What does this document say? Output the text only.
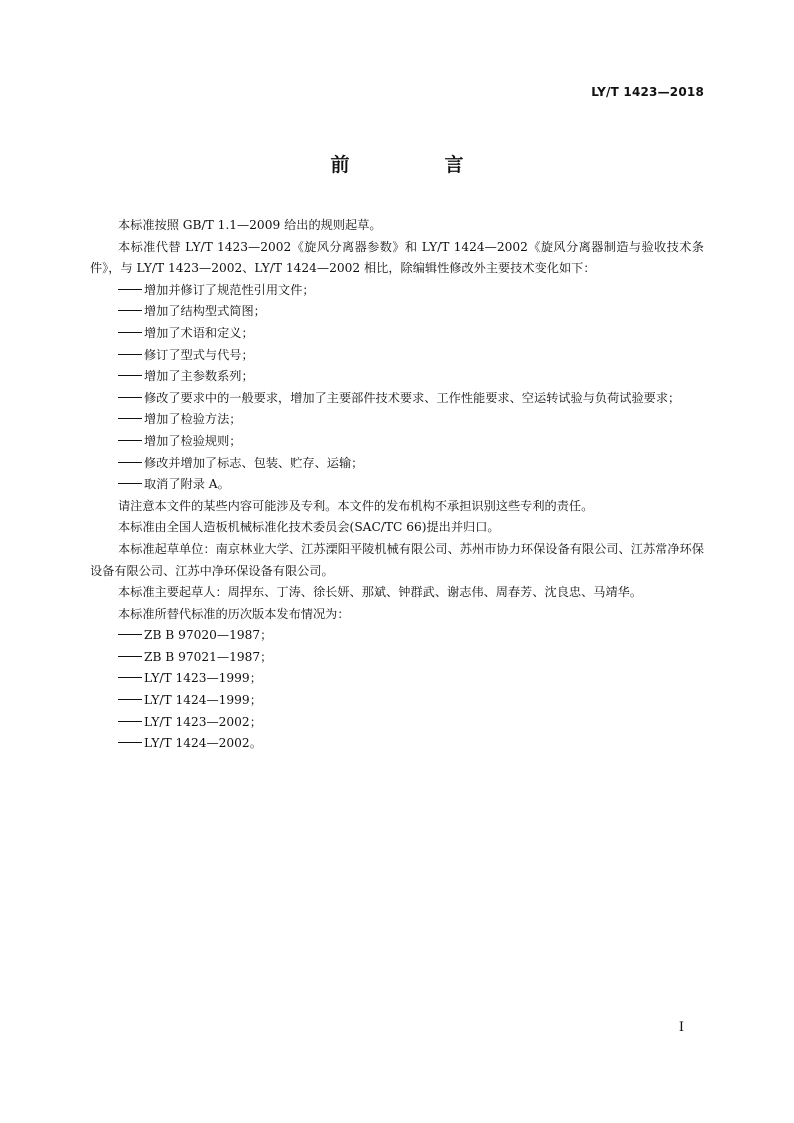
LY/T 1423—2018
前　言

本标准按照 GB/T 1.1—2009 给出的规则起草。

本标准代替 LY/T 1423—2002《旋风分离器参数》和 LY/T 1424—2002《旋风分离器制造与验收技术条件》，与 LY/T 1423—2002、LY/T 1424—2002 相比，除编辑性修改外主要技术变化如下：

增加并修订了规范性引用文件；
增加了结构型式简图；
增加了术语和定义；
修订了型式与代号；
增加了主参数系列；
修改了要求中的一般要求，增加了主要部件技术要求、工作性能要求、空运转试验与负荷试验要求；
增加了检验方法；
增加了检验规则；
修改并增加了标志、包装、贮存、运输；
取消了附录 A。

请注意本文件的某些内容可能涉及专利。本文件的发布机构不承担识别这些专利的责任。

本标准由全国人造板机械标准化技术委员会(SAC/TC 66)提出并归口。

本标准起草单位：南京林业大学、江苏溧阳平陵机械有限公司、苏州市协力环保设备有限公司、江苏常净环保设备有限公司、江苏中净环保设备有限公司。

本标准主要起草人：周捍东、丁涛、徐长妍、那斌、钟群武、谢志伟、周春芳、沈良忠、马靖华。

本标准所替代标准的历次版本发布情况为：

ZB B 97020—1987；
ZB B 97021—1987；
LY/T 1423—1999；
LY/T 1424—1999；
LY/T 1423—2002；
LY/T 1424—2002。
I
